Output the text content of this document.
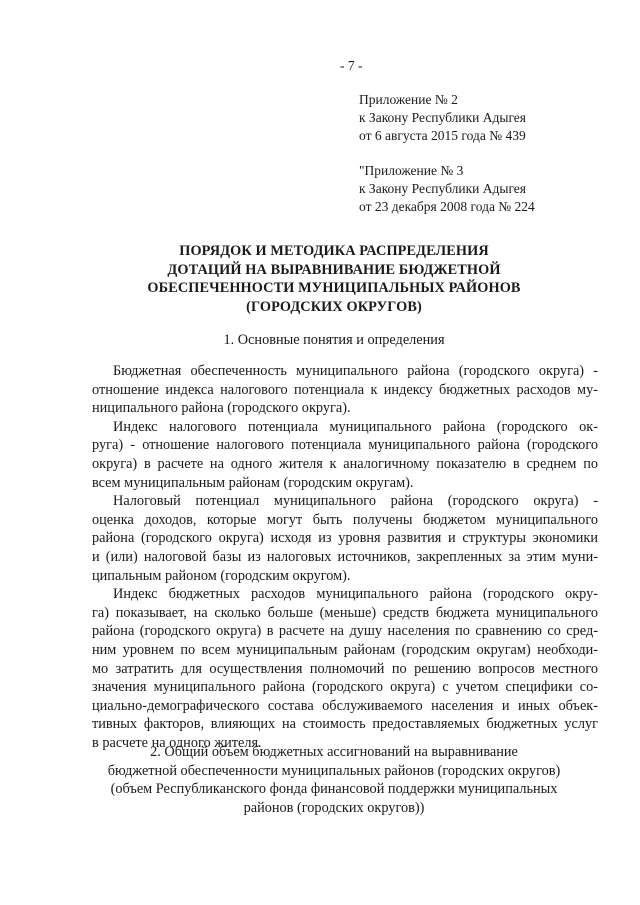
- 7 -
Приложение № 2
к Закону Республики Адыгея
от 6 августа 2015 года № 439
"Приложение № 3
к Закону Республики Адыгея
от 23 декабря 2008 года № 224
ПОРЯДОК И МЕТОДИКА РАСПРЕДЕЛЕНИЯ
ДОТАЦИЙ НА ВЫРАВНИВАНИЕ БЮДЖЕТНОЙ
ОБЕСПЕЧЕННОСТИ МУНИЦИПАЛЬНЫХ РАЙОНОВ
(ГОРОДСКИХ ОКРУГОВ)
1. Основные понятия и определения
Бюджетная обеспеченность муниципального района (городского округа) -
отношение индекса налогового потенциала к индексу бюджетных расходов му-
ниципального района (городского округа).
Индекс налогового потенциала муниципального района (городского ок-
руга) - отношение налогового потенциала муниципального района (городского
округа) в расчете на одного жителя к аналогичному показателю в среднем по
всем муниципальным районам (городским округам).
Налоговый потенциал муниципального района (городского округа) -
оценка доходов, которые могут быть получены бюджетом муниципального
района (городского округа) исходя из уровня развития и структуры экономики
и (или) налоговой базы из налоговых источников, закрепленных за этим муни-
ципальным районом (городским округом).
Индекс бюджетных расходов муниципального района (городского окру-
га) показывает, на сколько больше (меньше) средств бюджета муниципального
района (городского округа) в расчете на душу населения по сравнению со сред-
ним уровнем по всем муниципальным районам (городским округам) необходи-
мо затратить для осуществления полномочий по решению вопросов местного
значения муниципального района (городского округа) с учетом специфики со-
циально-демографического состава обслуживаемого населения и иных объек-
тивных факторов, влияющих на стоимость предоставляемых бюджетных услуг
в расчете на одного жителя.
2. Общий объем бюджетных ассигнований на выравнивание
бюджетной обеспеченности муниципальных районов (городских округов)
(объем Республиканского фонда финансовой поддержки муниципальных
районов (городских округов))
